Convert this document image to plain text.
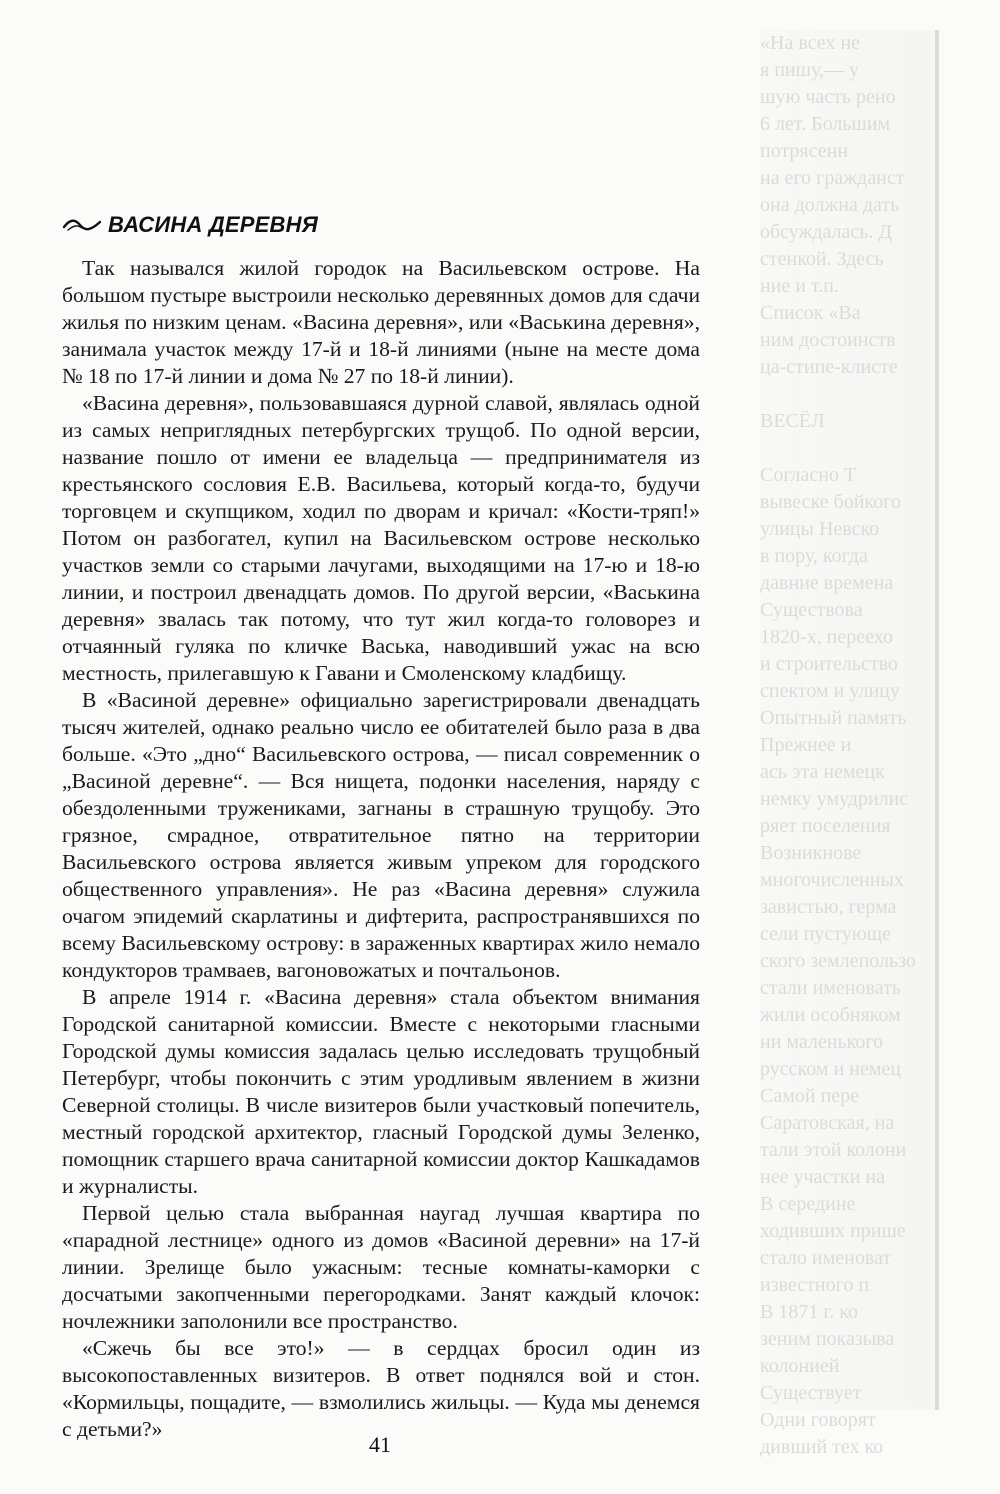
«На всех не
я пишу,— у
шую часть рено
6 лет. Большим
потрясенн
на его гражданст
она должна дать
обсуждалась. Д
стенкой. Здесь
ние и т.п.
Список «Ва
ним достоинств
ца-стипе-клисте

ВЕСЁЛ

Согласно Т
вывеске бойкого
улицы Невско
в пору, когда
давние времена
Существова
1820-х, переехо
и строительство
спектом и улицу
Опытный память
Прежнее и
ась эта немецк
немку умудрилис
ряет поселения
Возникнове
многочисленных
завистью, герма
сели пустующе
ского землепользо
стали именовать
жили особняком
ни маленького
русском и немец
Самой пере
Саратовская, на
тали этой колони
нее участки на
В середине
ходивших прише
стало именоват
известного п
В 1871 г. ко
зеним показыва
колонией
Существует
Одни говорят
дивший тех ко
ВАСИНА ДЕРЕВНЯ

Так назывался жилой городок на Васильевском острове. На большом пустыре выстроили несколько деревянных домов для сдачи жилья по низким ценам. «Васина деревня», или «Васькина деревня», занимала участок между 17-й и 18-й линиями (ныне на месте дома № 18 по 17-й линии и дома № 27 по 18-й линии).

«Васина деревня», пользовавшаяся дурной славой, являлась одной из самых неприглядных петербургских трущоб. По одной версии, название пошло от имени ее владельца — предпринимателя из крестьянского сословия Е.В. Васильева, который когда-то, будучи торговцем и скупщиком, ходил по дворам и кричал: «Кости-тряп!» Потом он разбогател, купил на Васильевском острове несколько участков земли со старыми лачугами, выходящими на 17-ю и 18-ю линии, и построил двенадцать домов. По другой версии, «Васькина деревня» звалась так потому, что тут жил когда-то головорез и отчаянный гуляка по кличке Васька, наводивший ужас на всю местность, прилегавшую к Гавани и Смоленскому кладбищу.

В «Васиной деревне» официально зарегистрировали двенадцать тысяч жителей, однако реально число ее обитателей было раза в два больше. «Это „дно“ Васильевского острова, — писал современник о „Васиной деревне“. — Вся нищета, подонки населения, наряду с обездоленными тружениками, загнаны в страшную трущобу. Это грязное, смрадное, отвратительное пятно на территории Васильевского острова является живым упреком для городского общественного управления». Не раз «Васина деревня» служила очагом эпидемий скарлатины и дифтерита, распространявшихся по всему Васильевскому острову: в зараженных квартирах жило немало кондукторов трамваев, вагоновожатых и почтальонов.

В апреле 1914 г. «Васина деревня» стала объектом внимания Городской санитарной комиссии. Вместе с некоторыми гласными Городской думы комиссия задалась целью исследовать трущобный Петербург, чтобы покончить с этим уродливым явлением в жизни Северной столицы. В числе визитеров были участковый попечитель, местный городской архитектор, гласный Городской думы Зеленко, помощник старшего врача санитарной комиссии доктор Кашкадамов и журналисты.

Первой целью стала выбранная наугад лучшая квартира по «парадной лестнице» одного из домов «Васиной деревни» на 17-й линии. Зрелище было ужасным: тесные комнаты-каморки с досчатыми закопченными перегородками. Занят каждый клочок: ночлежники заполонили все пространство.

«Сжечь бы все это!» — в сердцах бросил один из высокопоставленных визитеров. В ответ поднялся вой и стон. «Кормильцы, пощадите, — взмолились жильцы. — Куда мы денемся с детьми?»

41
